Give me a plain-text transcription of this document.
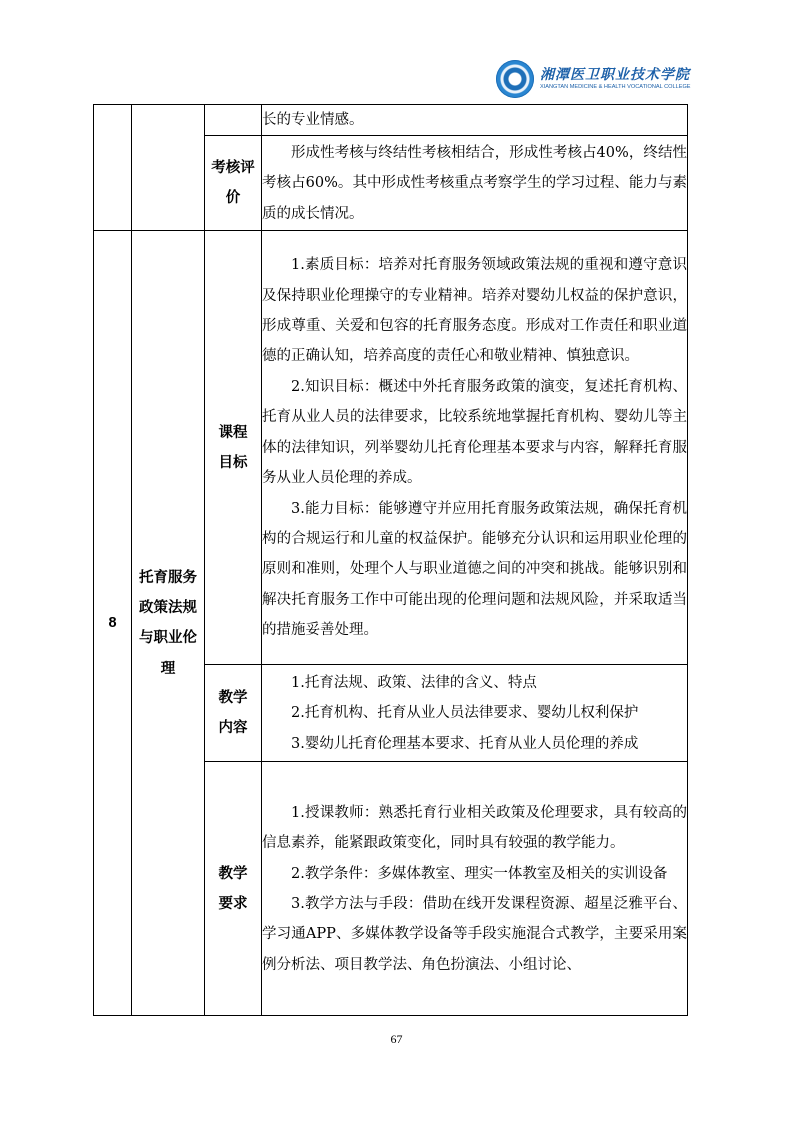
湘潭医卫职业技术学院
XIANGTAN MEDICINE & HEALTH VOCATIONAL COLLEGE

			长的专业情感。

		考核评价	形成性考核与终结性考核相结合，形成性考核占40%，终结性考核占60%。其中形成性考核重点考察学生的学习过程、能力与素质的成长情况。

8	托育服务政策法规与职业伦理	课程目标	1.素质目标：培养对托育服务领域政策法规的重视和遵守意识及保持职业伦理操守的专业精神。培养对婴幼儿权益的保护意识，形成尊重、关爱和包容的托育服务态度。形成对工作责任和职业道德的正确认知，培养高度的责任心和敬业精神、慎独意识。

2.知识目标：概述中外托育服务政策的演变，复述托育机构、托育从业人员的法律要求，比较系统地掌握托育机构、婴幼儿等主体的法律知识，列举婴幼儿托育伦理基本要求与内容，解释托育服务从业人员伦理的养成。

3.能力目标：能够遵守并应用托育服务政策法规，确保托育机构的合规运行和儿童的权益保护。能够充分认识和运用职业伦理的原则和准则，处理个人与职业道德之间的冲突和挑战。能够识别和解决托育服务工作中可能出现的伦理问题和法规风险，并采取适当的措施妥善处理。

		教学内容	1.托育法规、政策、法律的含义、特点

2.托育机构、托育从业人员法律要求、婴幼儿权利保护

3.婴幼儿托育伦理基本要求、托育从业人员伦理的养成

		教学要求	1.授课教师：熟悉托育行业相关政策及伦理要求，具有较高的信息素养，能紧跟政策变化，同时具有较强的教学能力。

2.教学条件：多媒体教室、理实一体教室及相关的实训设备

3.教学方法与手段：借助在线开发课程资源、超星泛雅平台、学习通APP、多媒体教学设备等手段实施混合式教学，主要采用案例分析法、项目教学法、角色扮演法、小组讨论、

67
